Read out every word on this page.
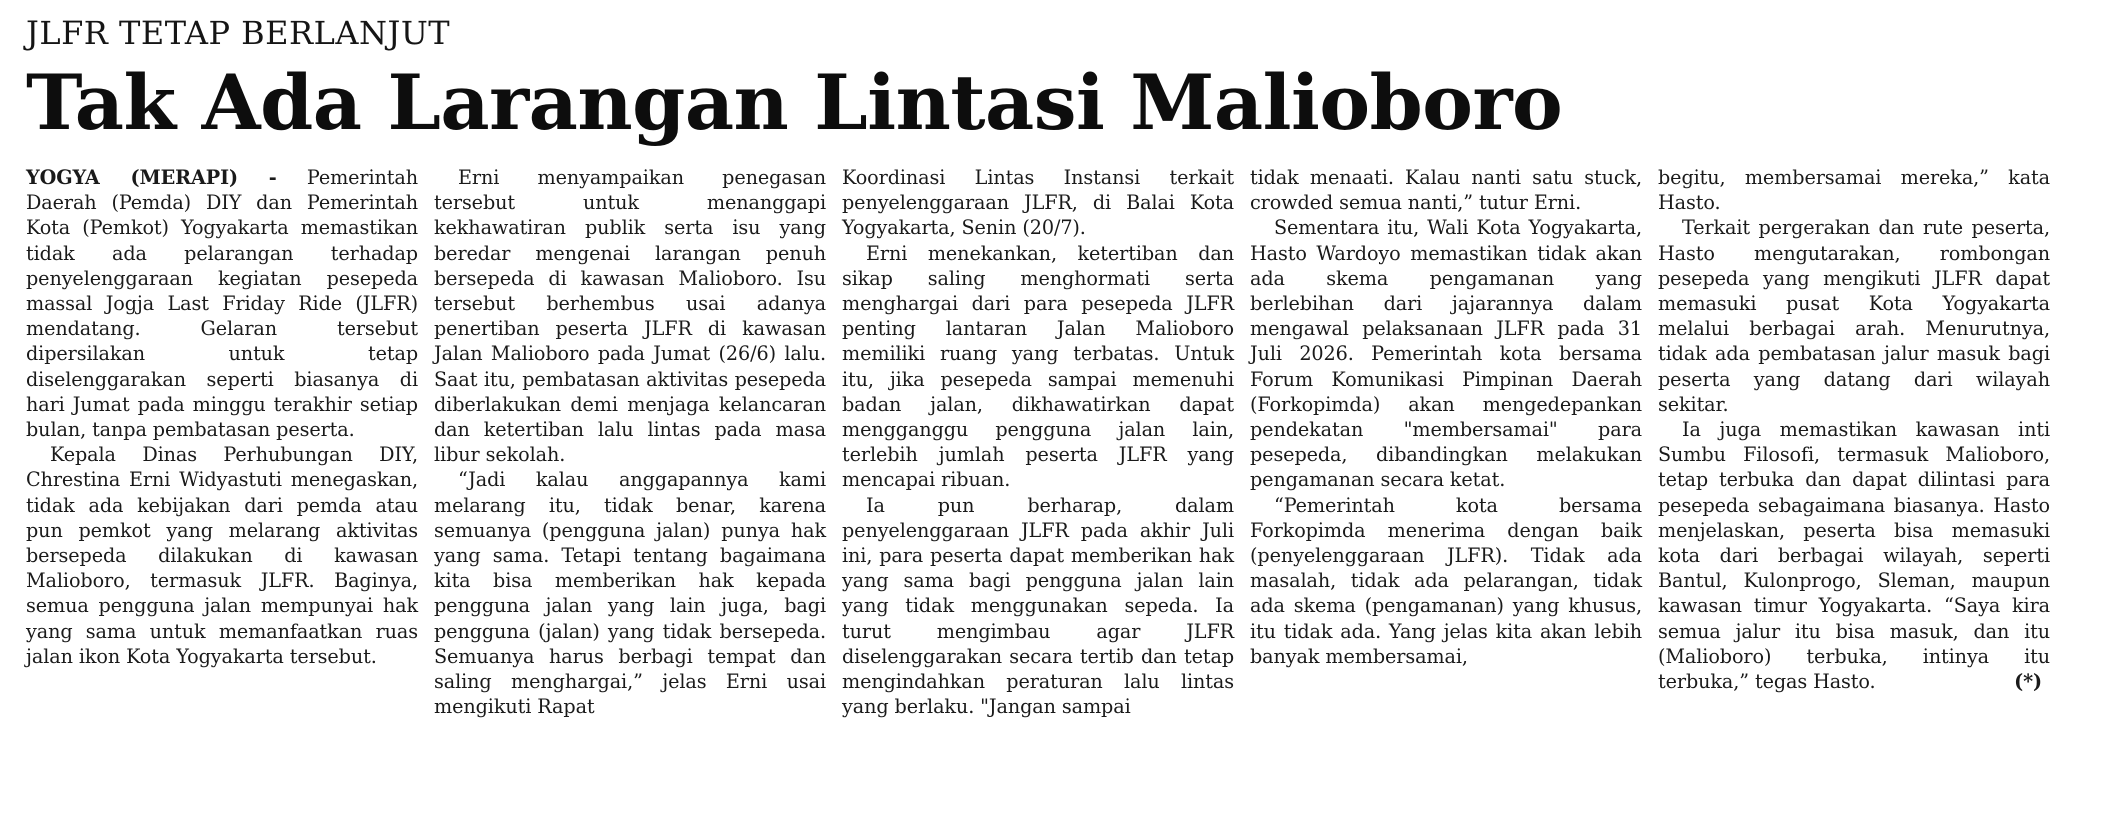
JLFR TETAP BERLANJUT
Tak Ada Larangan Lintasi Malioboro

YOGYA (MERAPI) - Pemerintah Daerah (Pemda) DIY dan Pemerintah Kota (Pemkot) Yogyakarta memastikan tidak ada pelarangan terhadap penyelenggaraan kegiatan pesepeda massal Jogja Last Friday Ride (JLFR) mendatang. Gelaran tersebut dipersilakan untuk tetap diselenggarakan seperti biasanya di hari Jumat pada minggu terakhir setiap bulan, tanpa pembatasan peserta.

Kepala Dinas Perhubungan DIY, Chrestina Erni Widyastuti menegaskan, tidak ada kebijakan dari pemda atau pun pemkot yang melarang aktivitas bersepeda dilakukan di kawasan Malioboro, termasuk JLFR. Baginya, semua pengguna jalan mempunyai hak yang sama untuk memanfaatkan ruas jalan ikon Kota Yogyakarta tersebut.

Erni menyampaikan penegasan tersebut untuk menanggapi kekhawatiran publik serta isu yang beredar mengenai larangan penuh bersepeda di kawasan Malioboro. Isu tersebut berhembus usai adanya penertiban peserta JLFR di kawasan Jalan Malioboro pada Jumat (26/6) lalu. Saat itu, pembatasan aktivitas pesepeda diberlakukan demi menjaga kelancaran dan ketertiban lalu lintas pada masa libur sekolah.

“Jadi kalau anggapannya kami melarang itu, tidak benar, karena semuanya (pengguna jalan) punya hak yang sama. Tetapi tentang bagaimana kita bisa memberikan hak kepada pengguna jalan yang lain juga, bagi pengguna (jalan) yang tidak bersepeda. Semuanya harus berbagi tempat dan saling menghargai,” jelas Erni usai mengikuti Rapat

Koordinasi Lintas Instansi terkait penyelenggaraan JLFR, di Balai Kota Yogyakarta, Senin (20/7).

Erni menekankan, ketertiban dan sikap saling menghormati serta menghargai dari para pesepeda JLFR penting lantaran Jalan Malioboro memiliki ruang yang terbatas. Untuk itu, jika pesepeda sampai memenuhi badan jalan, dikhawatirkan dapat mengganggu pengguna jalan lain, terlebih jumlah peserta JLFR yang mencapai ribuan.

Ia pun berharap, dalam penyelenggaraan JLFR pada akhir Juli ini, para peserta dapat memberikan hak yang sama bagi pengguna jalan lain yang tidak menggunakan sepeda. Ia turut mengimbau agar JLFR diselenggarakan secara tertib dan tetap mengindahkan peraturan lalu lintas yang berlaku. "Jangan sampai

tidak menaati. Kalau nanti satu stuck, crowded semua nanti,” tutur Erni.

Sementara itu, Wali Kota Yogyakarta, Hasto Wardoyo memastikan tidak akan ada skema pengamanan yang berlebihan dari jajarannya dalam mengawal pelaksanaan JLFR pada 31 Juli 2026. Pemerintah kota bersama Forum Komunikasi Pimpinan Daerah (Forkopimda) akan mengedepankan pendekatan "membersamai" para pesepeda, dibandingkan melakukan pengamanan secara ketat.

“Pemerintah kota bersama Forkopimda menerima dengan baik (penyelenggaraan JLFR). Tidak ada masalah, tidak ada pelarangan, tidak ada skema (pengamanan) yang khusus, itu tidak ada. Yang jelas kita akan lebih banyak membersamai,

begitu, membersamai mereka,” kata Hasto.

Terkait pergerakan dan rute peserta, Hasto mengutarakan, rombongan pesepeda yang mengikuti JLFR dapat memasuki pusat Kota Yogyakarta melalui berbagai arah. Menurutnya, tidak ada pembatasan jalur masuk bagi peserta yang datang dari wilayah sekitar.

Ia juga memastikan kawasan inti Sumbu Filosofi, termasuk Malioboro, tetap terbuka dan dapat dilintasi para pesepeda sebagaimana biasanya. Hasto menjelaskan, peserta bisa memasuki kota dari berbagai wilayah, seperti Bantul, Kulonprogo, Sleman, maupun kawasan timur Yogyakarta. “Saya kira semua jalur itu bisa masuk, dan itu (Malioboro) terbuka, intinya itu terbuka,” tegas Hasto.	(*)
